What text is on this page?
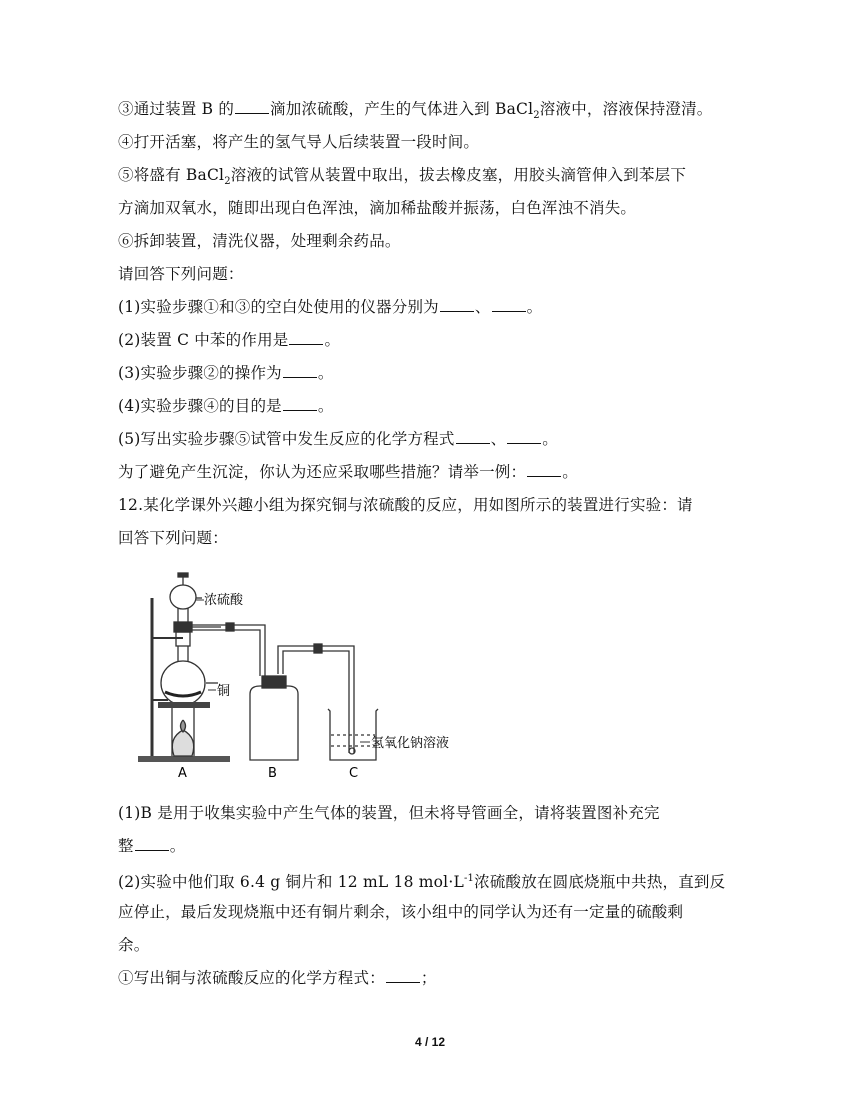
③通过装置 B 的 滴加浓硫酸，产生的气体进入到 BaCl$_2$溶液中，溶液保持澄清。
④打开活塞，将产生的氢气导人后续装置一段时间。
⑤将盛有 BaCl$_2$溶液的试管从装置中取出，拔去橡皮塞，用胶头滴管伸入到苯层下
方滴加双氧水，随即出现白色浑浊，滴加稀盐酸并振荡，白色浑浊不消失。
⑥拆卸装置，清洗仪器，处理剩余药品。
请回答下列问题：
(1)实验步骤①和③的空白处使用的仪器分别为 、 。
(2)装置 C 中苯的作用是 。
(3)实验步骤②的操作为 。
(4)实验步骤④的目的是 。
(5)写出实验步骤⑤试管中发生反应的化学方程式 、 。
为了避免产生沉淀，你认为还应采取哪些措施？请举一例： 。
12.某化学课外兴趣小组为探究铜与浓硫酸的反应，用如图所示的装置进行实验：请
回答下列问题：
浓硫酸
铜
氢氧化钠溶液
A	B	C
(1)B 是用于收集实验中产生气体的装置，但未将导管画全，请将装置图补充完
整 。
(2)实验中他们取 6.4 g 铜片和 12 mL 18 $mol\cdot L^{-1}$浓硫酸放在圆底烧瓶中共热，直到反
应停止，最后发现烧瓶中还有铜片剩余，该小组中的同学认为还有一定量的硫酸剩
余。
①写出铜与浓硫酸反应的化学方程式： ；
4 / 12
